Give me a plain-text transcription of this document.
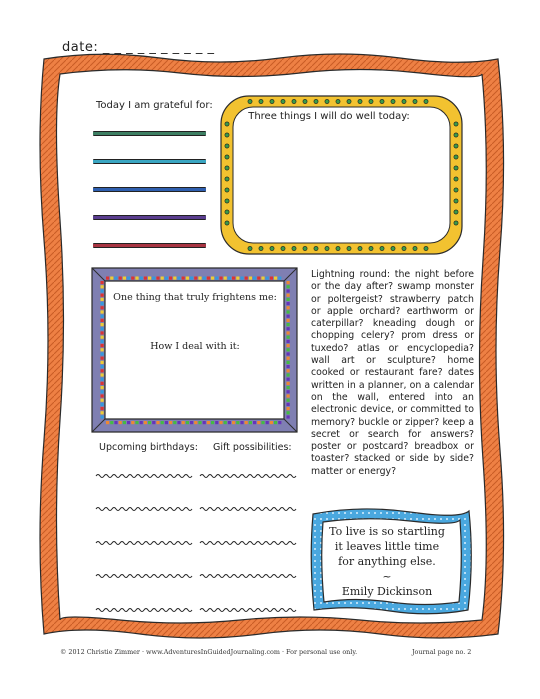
date: _ _ _ _ _ _ _ _ _ _
Today I am grateful for:
Three things I will do well today:
One thing that truly frightens me:
How I deal with it:
Lightning round: the night before or the day after? swamp monster or poltergeist? strawberry patch or apple orchard? earthworm or caterpillar? kneading dough or chopping celery? prom dress or tuxedo? atlas or encyclopedia? wall art or sculpture? home cooked or restaurant fare? dates written in a planner, on a calendar on the wall, entered into an electronic device, or committed to memory? buckle or zipper? keep a secret or search for answers? poster or postcard? breadbox or toaster? stacked or side by side? matter or energy?
Upcoming birthdays: Gift possibilities:
To live is so startling
it leaves little time
for anything else.
~
Emily Dickinson
© 2012 Christie Zimmer · www.AdventuresInGuidedJournaling.com · For personal use only.	Journal page no. 2
